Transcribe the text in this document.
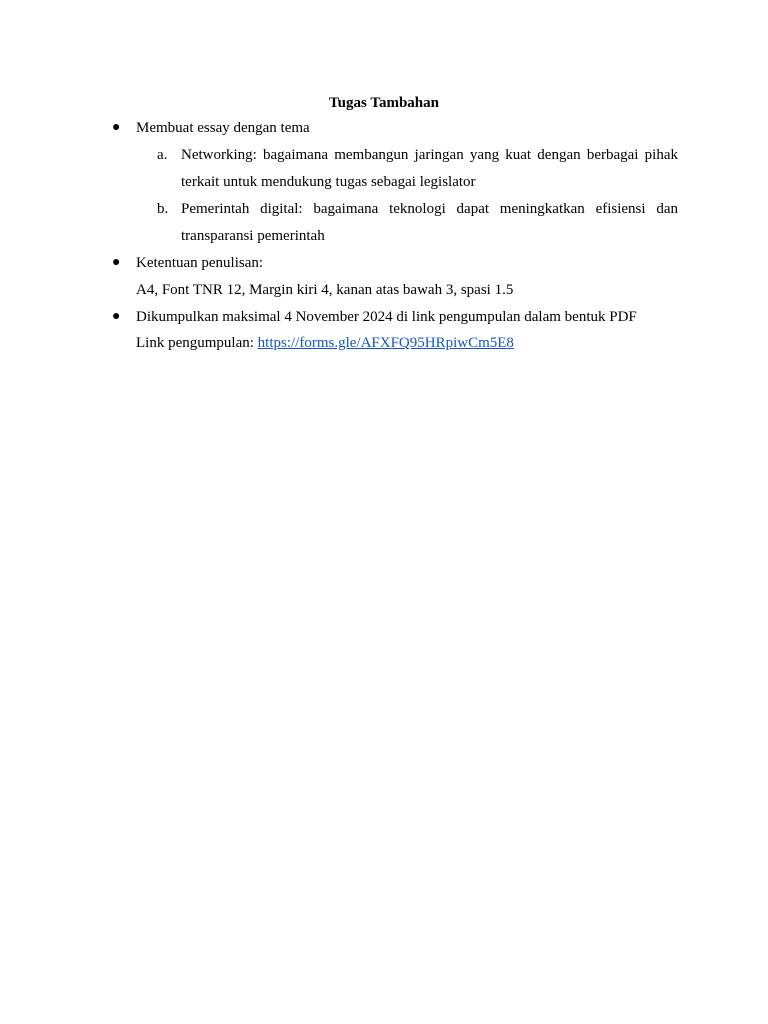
Tugas Tambahan
●	Membuat essay dengan tema
a. Networking: bagaimana membangun jaringan yang kuat dengan berbagai pihak
terkait untuk mendukung tugas sebagai legislator
b. Pemerintah digital: bagaimana teknologi dapat meningkatkan efisiensi dan
transparansi pemerintah
●	Ketentuan penulisan:
A4, Font TNR 12, Margin kiri 4, kanan atas bawah 3, spasi 1.5
●	Dikumpulkan maksimal 4 November 2024 di link pengumpulan dalam bentuk PDF
Link pengumpulan: https://forms.gle/AFXFQ95HRpiwCm5E8
